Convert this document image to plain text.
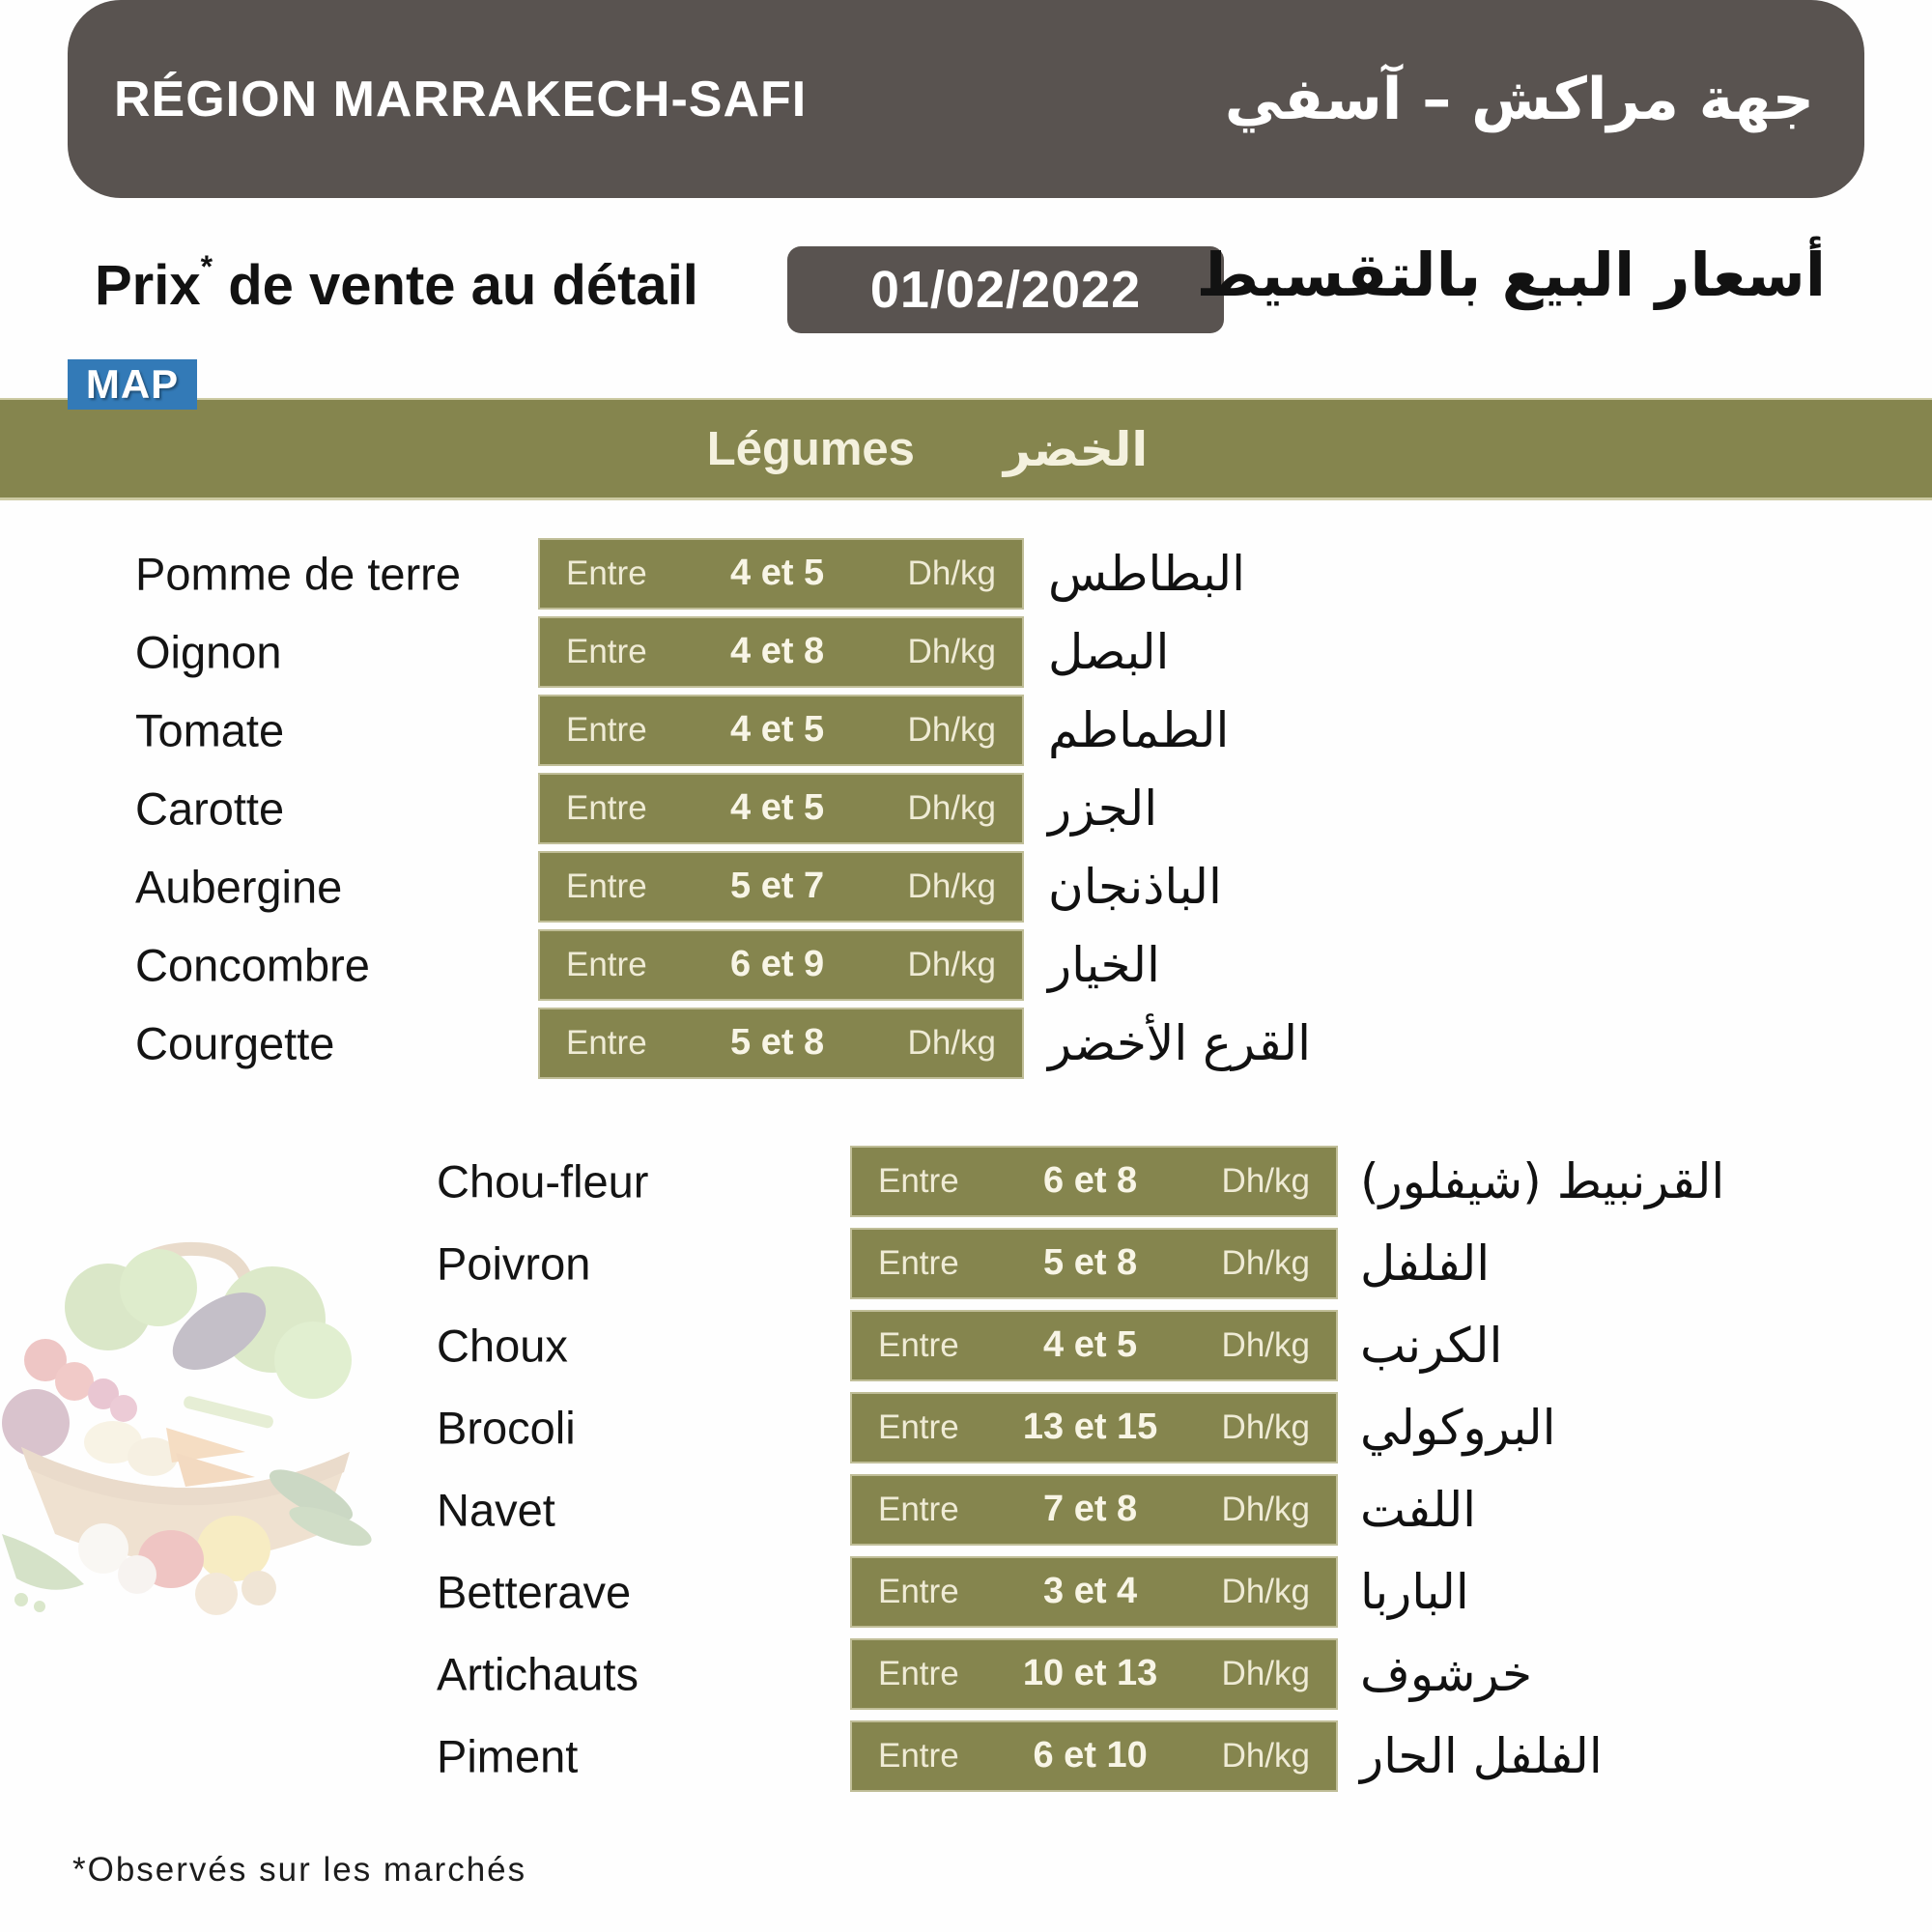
RÉGION MARRAKECH-SAFI	جهة مراكش – آسفي
Prix* de vente au détail	01/02/2022 أسعار البيع بالتقسيط
MAP
Légumes الخضر
Pomme de terre	Entre 4 et 5 Dh/kg البطاطس
Oignon	Entre 4 et 8 Dh/kg البصل
Tomate	Entre 4 et 5 Dh/kg الطماطم
Carotte	Entre 4 et 5 Dh/kg الجزر
Aubergine	Entre 5 et 7 Dh/kg الباذنجان
Concombre	Entre 6 et 9 Dh/kg الخيار
Courgette	Entre 5 et 8 Dh/kg القرع الأخضر
Chou-fleur	Entre 6 et 8 Dh/kg القرنبيط (شيفلور)
Poivron	Entre 5 et 8 Dh/kg الفلفل
Choux	Entre 4 et 5 Dh/kg الكرنب
Brocoli	Entre 13 et 15 Dh/kg البروكولي
Navet	Entre 7 et 8 Dh/kg اللفت
Betterave	Entre 3 et 4 Dh/kg الباربا
Artichauts	Entre 10 et 13 Dh/kg خرشوف
Piment	Entre 6 et 10 Dh/kg الفلفل الحار
*Observés sur les marchés
